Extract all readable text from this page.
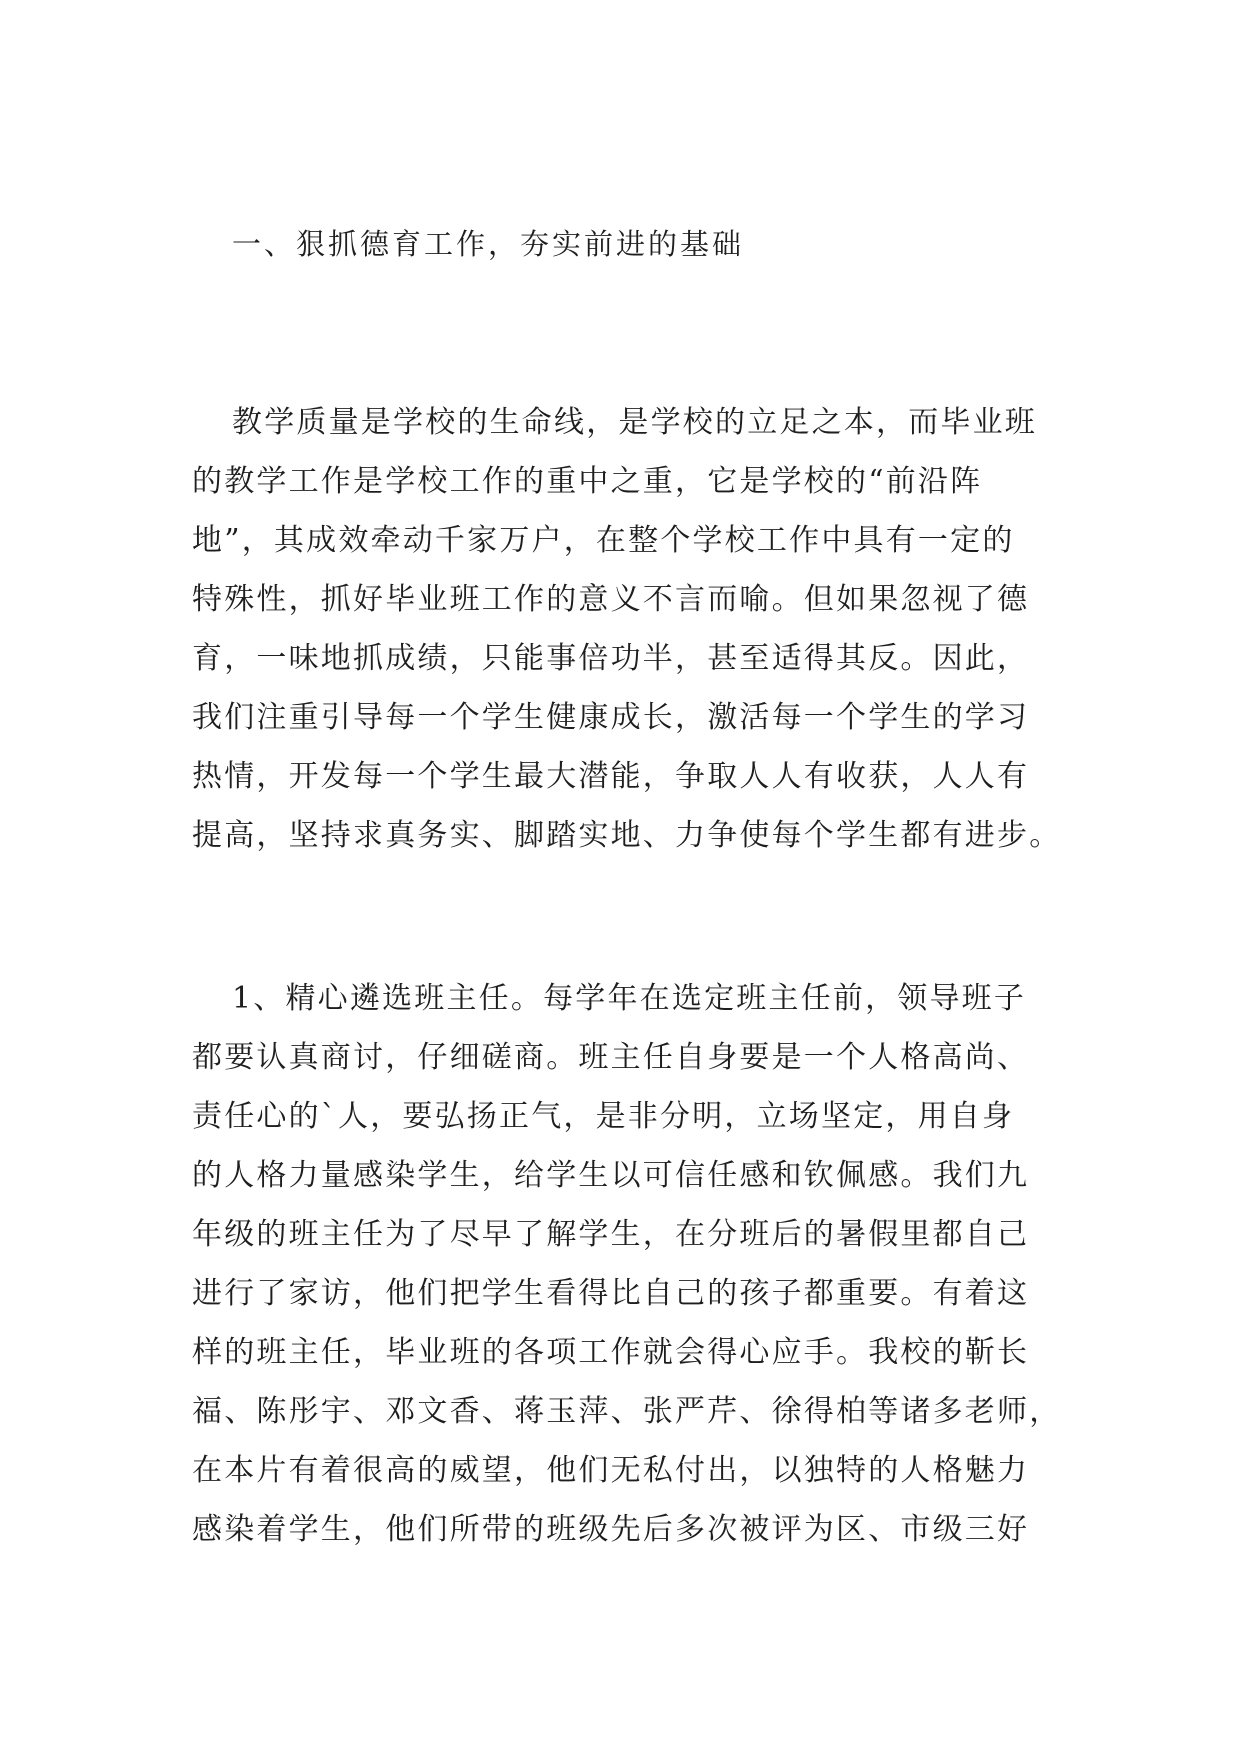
一、狠抓德育工作，夯实前进的基础
教学质量是学校的生命线，是学校的立足之本，而毕业班
的教学工作是学校工作的重中之重，它是学校的“前沿阵
地”，其成效牵动千家万户，在整个学校工作中具有一定的
特殊性，抓好毕业班工作的意义不言而喻。但如果忽视了德
育，一味地抓成绩，只能事倍功半，甚至适得其反。因此，
我们注重引导每一个学生健康成长，激活每一个学生的学习
热情，开发每一个学生最大潜能，争取人人有收获，人人有
提高，坚持求真务实、脚踏实地、力争使每个学生都有进步。
1、精心遴选班主任。每学年在选定班主任前，领导班子
都要认真商讨，仔细磋商。班主任自身要是一个人格高尚、
责任心的`人，要弘扬正气，是非分明，立场坚定，用自身
的人格力量感染学生，给学生以可信任感和钦佩感。我们九
年级的班主任为了尽早了解学生，在分班后的暑假里都自己
进行了家访，他们把学生看得比自己的孩子都重要。有着这
样的班主任，毕业班的各项工作就会得心应手。我校的靳长
福、陈彤宇、邓文香、蒋玉萍、张严芹、徐得柏等诸多老师，
在本片有着很高的威望，他们无私付出，以独特的人格魅力
感染着学生，他们所带的班级先后多次被评为区、市级三好
